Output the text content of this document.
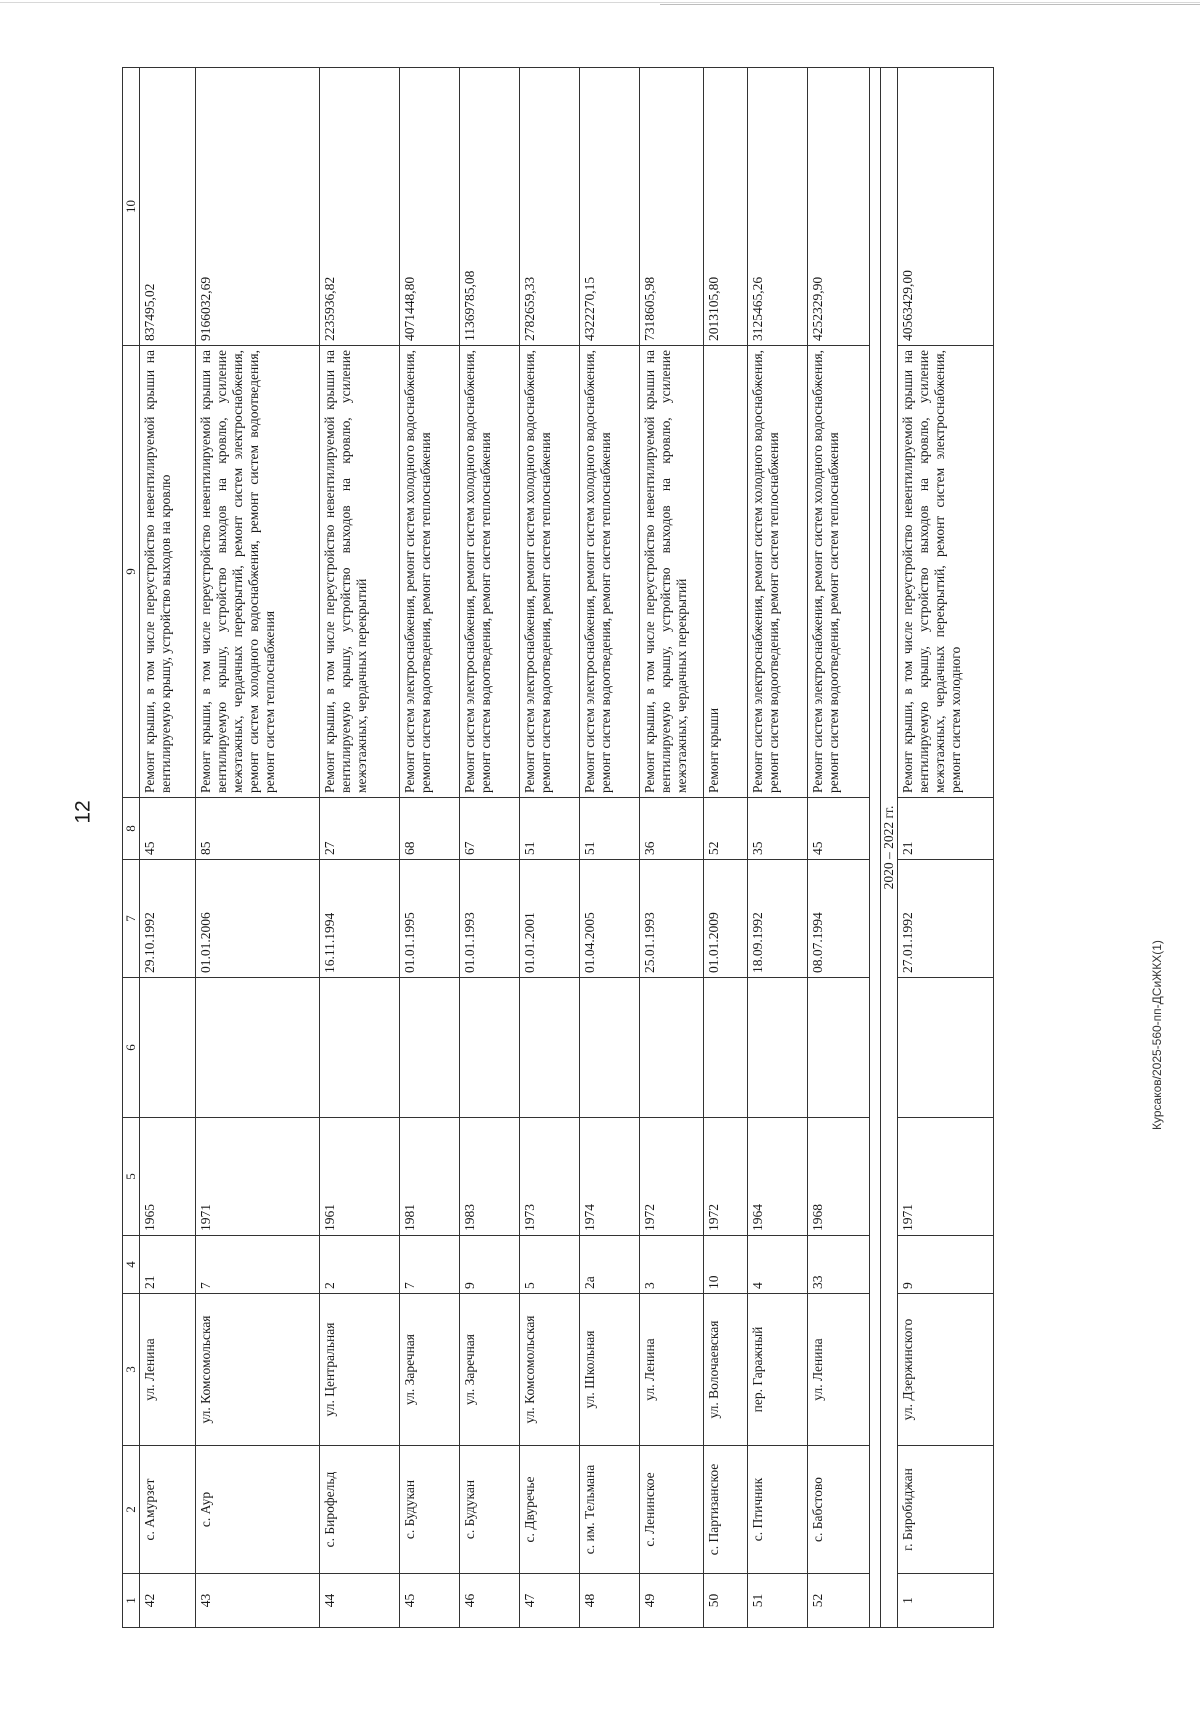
12
Курсаков/2025-560-пп-ДСиЖКХ(1)
1	2	3	4	5	6	7	8	9	10
42	с. Амурзет	ул. Ленина	21	1965		29.10.1992	45	Ремонт крыши, в том числе переустройство невентилируемой крыши на вентилируемую крышу, устройство выходов на кровлю	837495,02
43	с. Аур	ул. Комсомольская	7	1971		01.01.2006	85	Ремонт крыши, в том числе переустройство невентилируемой крыши на вентилируемую крышу, устройство выходов на кровлю, усиление межэтажных, чердачных перекрытий, ремонт систем электроснабжения, ремонт систем холодного водоснабжения, ремонт систем водоотведения, ремонт систем теплоснабжения	9166032,69
44	с. Бирофельд	ул. Центральная	2	1961		16.11.1994	27	Ремонт крыши, в том числе переустройство невентилируемой крыши на вентилируемую крышу, устройство выходов на кровлю, усиление межэтажных, чердачных перекрытий	2235936,82
45	с. Будукан	ул. Заречная	7	1981		01.01.1995	68	Ремонт систем электроснабжения, ремонт систем холодного водоснабжения, ремонт систем водоотведения, ремонт систем теплоснабжения	4071448,80
46	с. Будукан	ул. Заречная	9	1983		01.01.1993	67	Ремонт систем электроснабжения, ремонт систем холодного водоснабжения, ремонт систем водоотведения, ремонт систем теплоснабжения	11369785,08
47	с. Двуречье	ул. Комсомольская	5	1973		01.01.2001	51	Ремонт систем электроснабжения, ремонт систем холодного водоснабжения, ремонт систем водоотведения, ремонт систем теплоснабжения	2782659,33
48	с. им. Тельмана	ул. Школьная	2а	1974		01.04.2005	51	Ремонт систем электроснабжения, ремонт систем холодного водоснабжения, ремонт систем водоотведения, ремонт систем теплоснабжения	4322270,15
49	с. Ленинское	ул. Ленина	3	1972		25.01.1993	36	Ремонт крыши, в том числе переустройство невентилируемой крыши на вентилируемую крышу, устройство выходов на кровлю, усиление межэтажных, чердачных перекрытий	7318605,98
50	с. Партизанское	ул. Волочаевская	10	1972		01.01.2009	52	Ремонт крыши	2013105,80
51	с. Птичник	пер. Гаражный	4	1964		18.09.1992	35	Ремонт систем электроснабжения, ремонт систем холодного водоснабжения, ремонт систем водоотведения, ремонт систем теплоснабжения	3125465,26
52	с. Бабстово	ул. Ленина	33	1968		08.07.1994	45	Ремонт систем электроснабжения, ремонт систем холодного водоснабжения, ремонт систем водоотведения, ремонт систем теплоснабжения	4252329,90

2020 – 2022 гг.									
1	г. Биробиджан	ул. Дзержинского	9	1971		27.01.1992	21	Ремонт крыши, в том числе переустройство невентилируемой крыши на вентилируемую крышу, устройство выходов на кровлю, усиление межэтажных, чердачных перекрытий, ремонт систем электроснабжения, ремонт систем холодного	40563429,00
